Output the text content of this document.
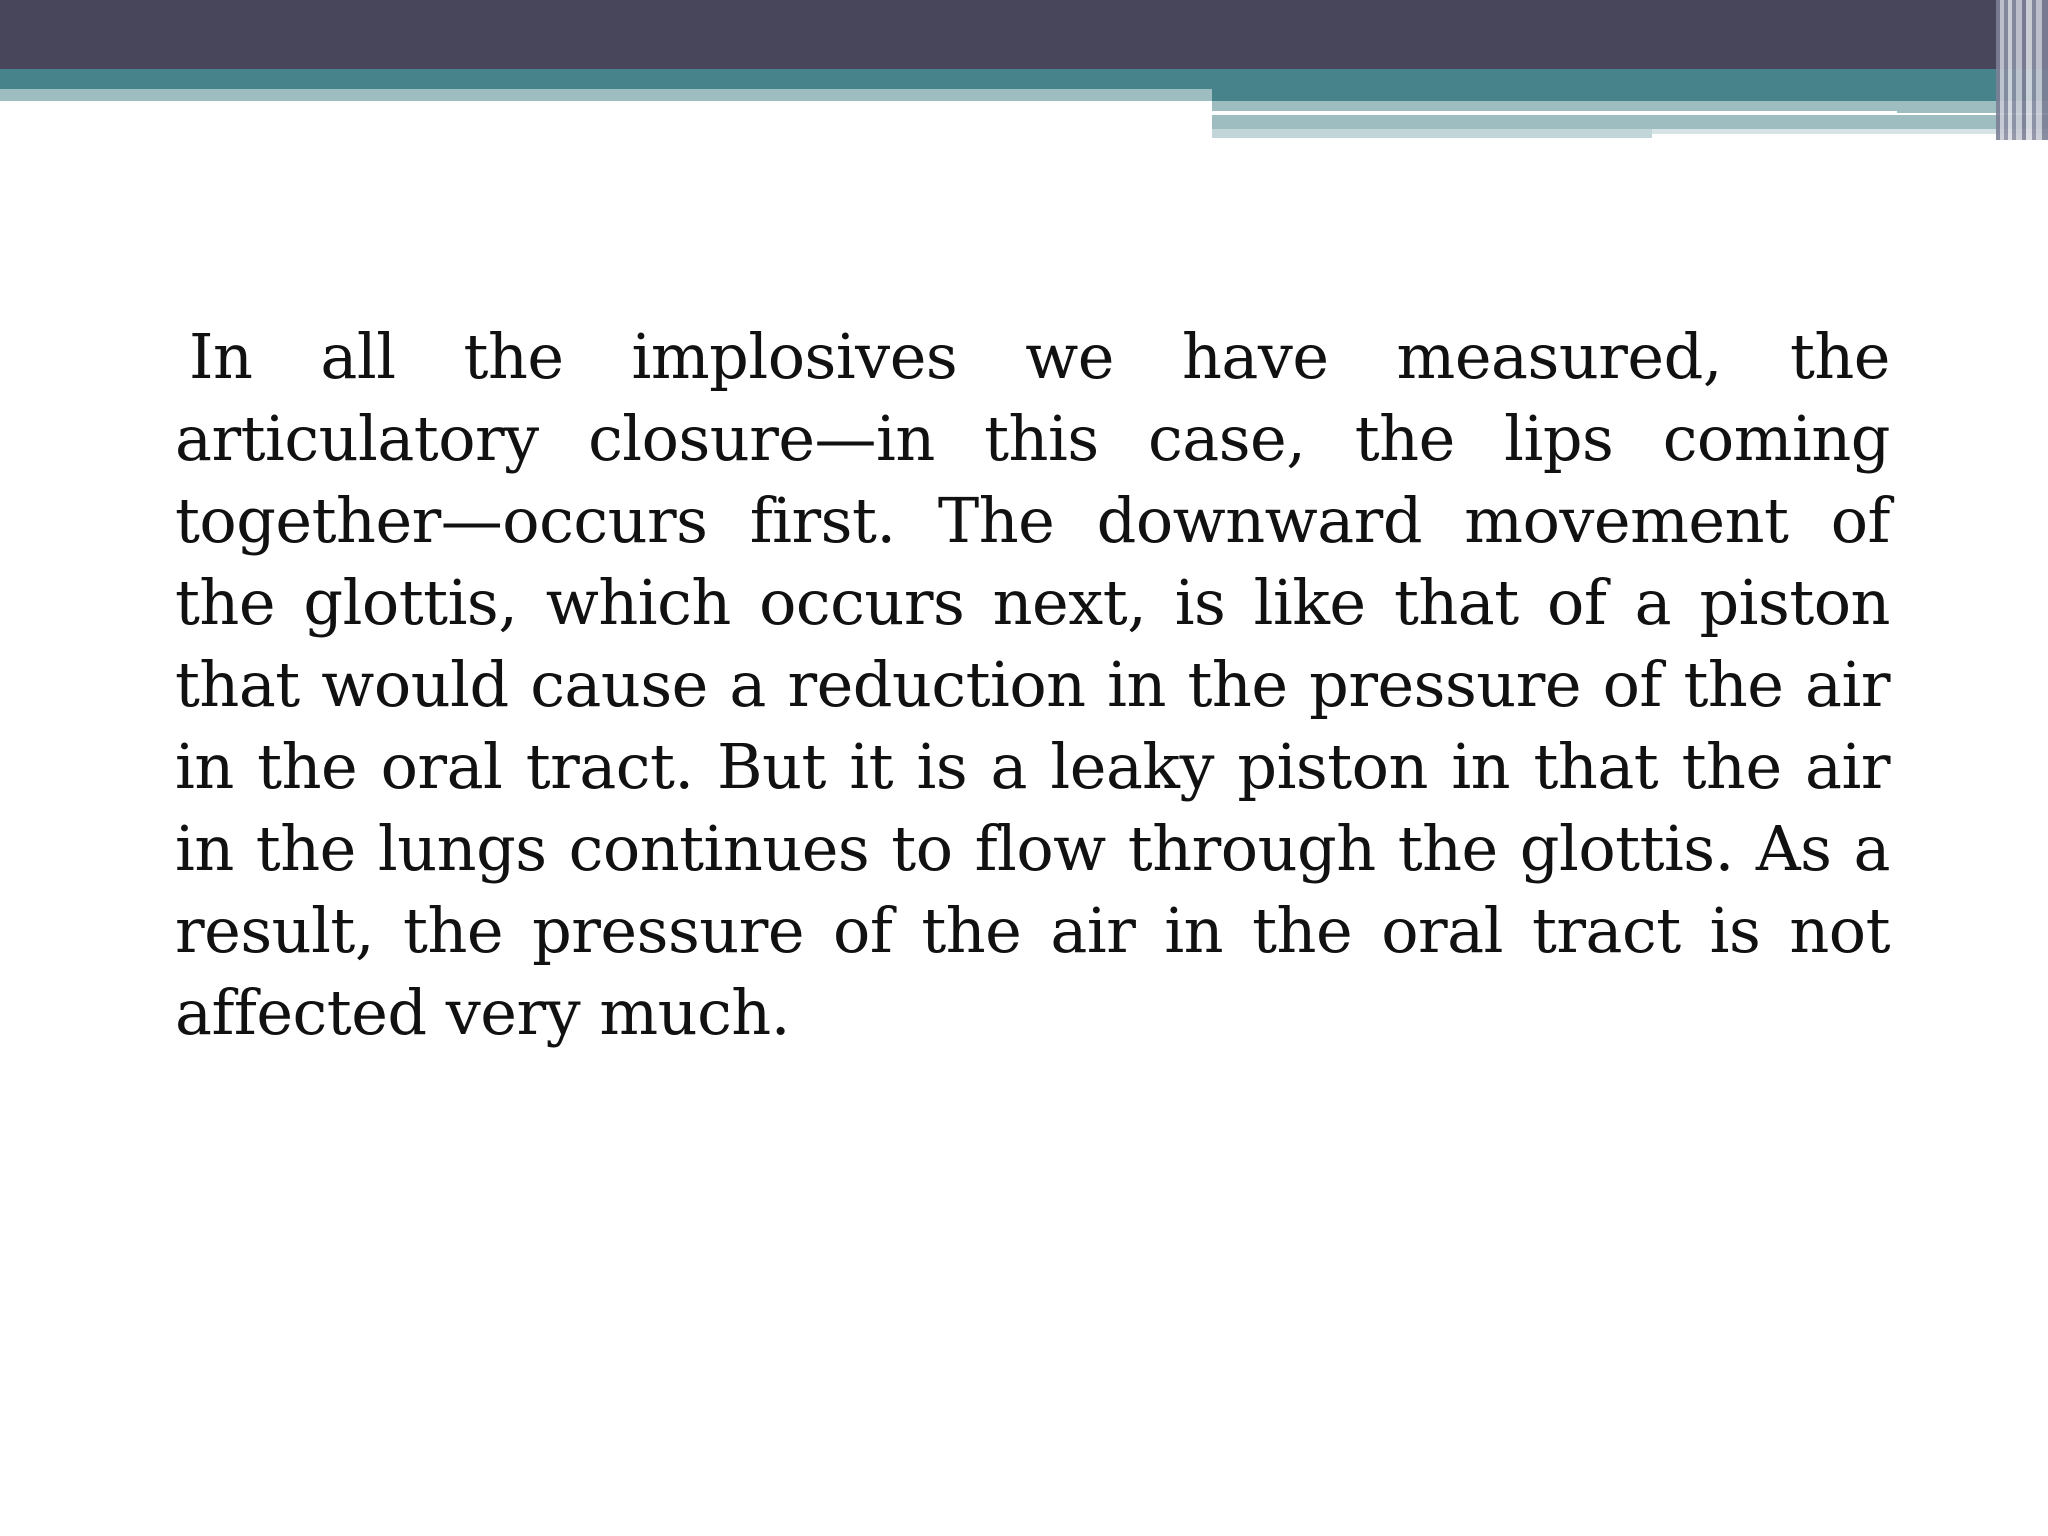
In all the implosives we have measured, the articulatory closure—in this case, the lips coming together—occurs first. The downward movement of the glottis, which occurs next, is like that of a piston that would cause a reduction in the pressure of the air in the oral tract. But it is a leaky piston in that the air in the lungs continues to flow through the glottis. As a result, the pressure of the air in the oral tract is not affected very much.
